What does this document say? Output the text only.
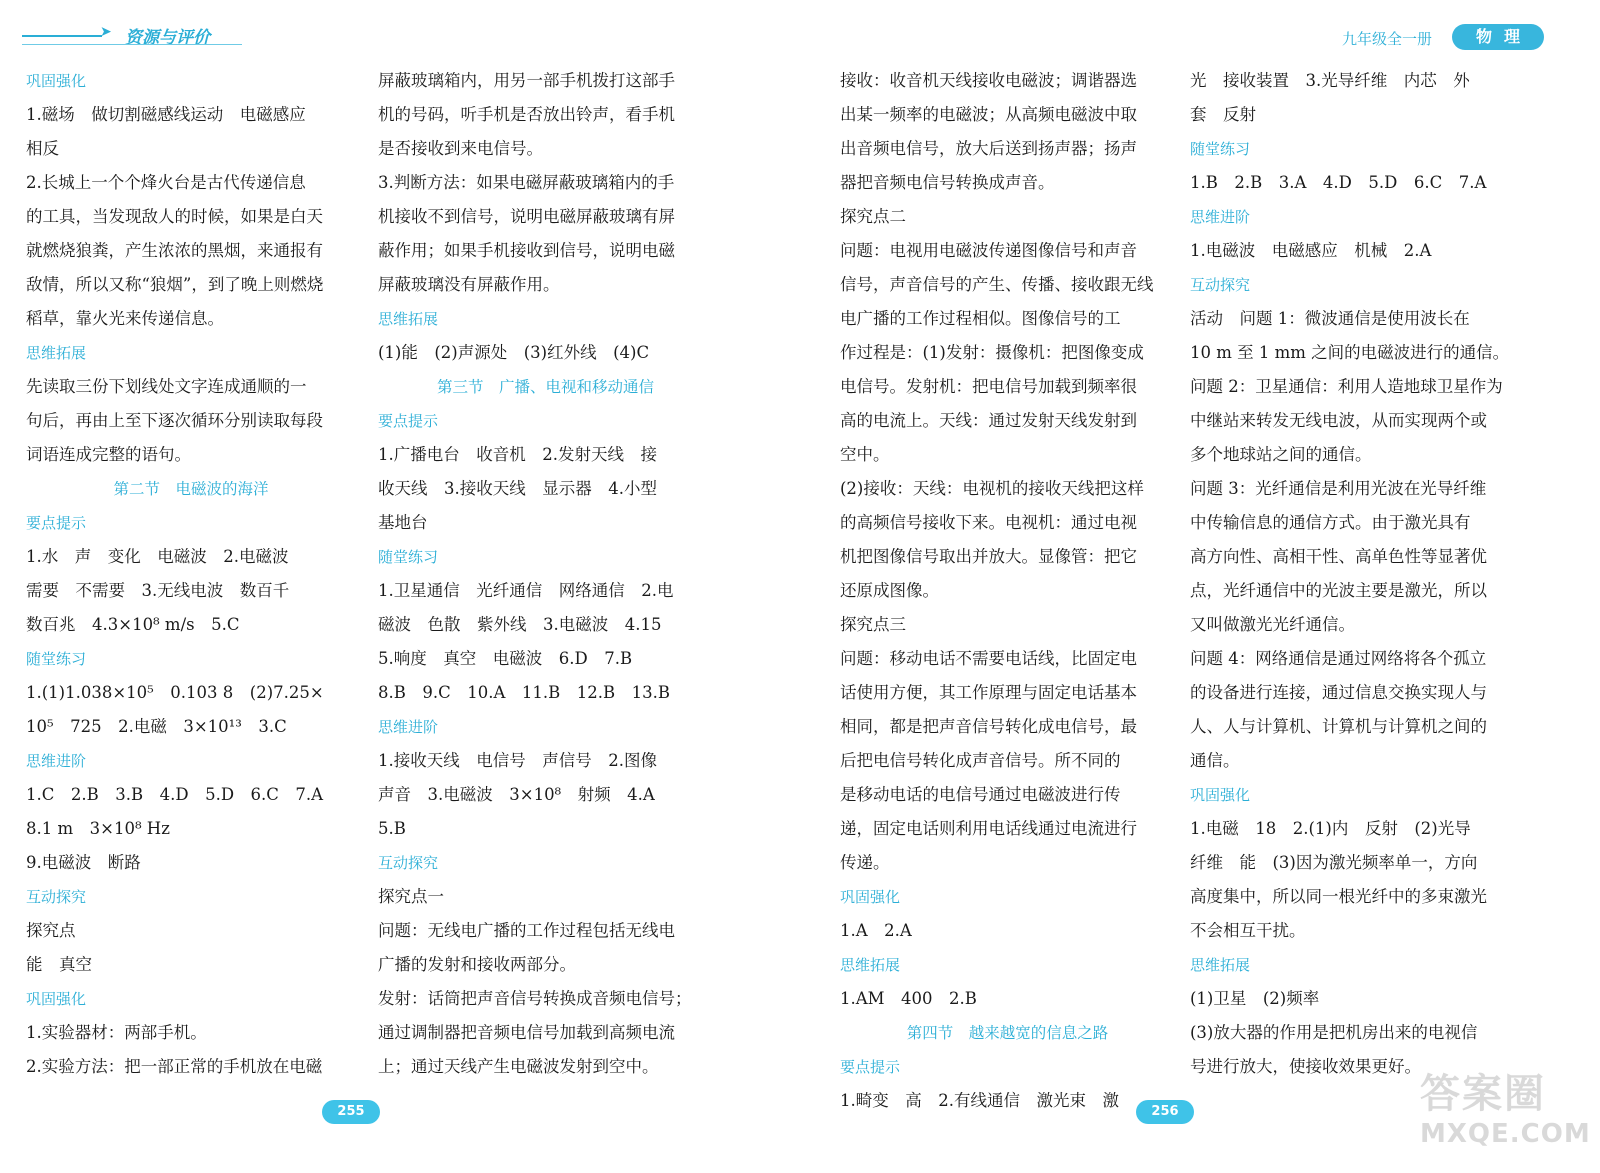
➤ 资源与评价	九年级全一册	物理

巩固强化

1.磁场　做切割磁感线运动　电磁感应

相反

2.长城上一个个烽火台是古代传递信息

的工具，当发现敌人的时候，如果是白天

就燃烧狼粪，产生浓浓的黑烟，来通报有

敌情，所以又称“狼烟”，到了晚上则燃烧

稻草，靠火光来传递信息。

思维拓展

先读取三份下划线处文字连成通顺的一

句后，再由上至下逐次循环分别读取每段

词语连成完整的语句。

第二节　电磁波的海洋

要点提示

1.水　声　变化　电磁波　2.电磁波

需要　不需要　3.无线电波　数百千

数百兆　4.3×10⁸ m/s　5.C

随堂练习

1.(1)1.038×10⁵　0.103 8　(2)7.25×

10⁵　725　2.电磁　3×10¹³　3.C

思维进阶

1.C　2.B　3.B　4.D　5.D　6.C　7.A

8.1 m　3×10⁸ Hz

9.电磁波　断路

互动探究

探究点

能　真空

巩固强化

1.实验器材：两部手机。

2.实验方法：把一部正常的手机放在电磁

屏蔽玻璃箱内，用另一部手机拨打这部手

机的号码，听手机是否放出铃声，看手机

是否接收到来电信号。

3.判断方法：如果电磁屏蔽玻璃箱内的手

机接收不到信号，说明电磁屏蔽玻璃有屏

蔽作用；如果手机接收到信号，说明电磁

屏蔽玻璃没有屏蔽作用。

思维拓展

(1)能　(2)声源处　(3)红外线　(4)C

第三节　广播、电视和移动通信

要点提示

1.广播电台　收音机　2.发射天线　接

收天线　3.接收天线　显示器　4.小型

基地台

随堂练习

1.卫星通信　光纤通信　网络通信　2.电

磁波　色散　紫外线　3.电磁波　4.15

5.响度　真空　电磁波　6.D　7.B

8.B　9.C　10.A　11.B　12.B　13.B

思维进阶

1.接收天线　电信号　声信号　2.图像

声音　3.电磁波　3×10⁸　射频　4.A

5.B

互动探究

探究点一

问题：无线电广播的工作过程包括无线电

广播的发射和接收两部分。

发射：话筒把声音信号转换成音频电信号；

通过调制器把音频电信号加载到高频电流

上；通过天线产生电磁波发射到空中。

接收：收音机天线接收电磁波；调谐器选

出某一频率的电磁波；从高频电磁波中取

出音频电信号，放大后送到扬声器；扬声

器把音频电信号转换成声音。

探究点二

问题：电视用电磁波传递图像信号和声音

信号，声音信号的产生、传播、接收跟无线

电广播的工作过程相似。图像信号的工

作过程是：(1)发射：摄像机：把图像变成

电信号。发射机：把电信号加载到频率很

高的电流上。天线：通过发射天线发射到

空中。

(2)接收：天线：电视机的接收天线把这样

的高频信号接收下来。电视机：通过电视

机把图像信号取出并放大。显像管：把它

还原成图像。

探究点三

问题：移动电话不需要电话线，比固定电

话使用方便，其工作原理与固定电话基本

相同，都是把声音信号转化成电信号，最

后把电信号转化成声音信号。所不同的

是移动电话的电信号通过电磁波进行传

递，固定电话则利用电话线通过电流进行

传递。

巩固强化

1.A　2.A

思维拓展

1.AM　400　2.B

第四节　越来越宽的信息之路

要点提示

1.畸变　高　2.有线通信　激光束　激

光　接收装置　3.光导纤维　内芯　外

套　反射

随堂练习

1.B　2.B　3.A　4.D　5.D　6.C　7.A

思维进阶

1.电磁波　电磁感应　机械　2.A

互动探究

活动　问题 1：微波通信是使用波长在

10 m 至 1 mm 之间的电磁波进行的通信。

问题 2：卫星通信：利用人造地球卫星作为

中继站来转发无线电波，从而实现两个或

多个地球站之间的通信。

问题 3：光纤通信是利用光波在光导纤维

中传输信息的通信方式。由于激光具有

高方向性、高相干性、高单色性等显著优

点，光纤通信中的光波主要是激光，所以

又叫做激光光纤通信。

问题 4：网络通信是通过网络将各个孤立

的设备进行连接，通过信息交换实现人与

人、人与计算机、计算机与计算机之间的

通信。

巩固强化

1.电磁　18　2.(1)内　反射　(2)光导

纤维　能　(3)因为激光频率单一，方向

高度集中，所以同一根光纤中的多束激光

不会相互干扰。

思维拓展

(1)卫星　(2)频率

(3)放大器的作用是把机房出来的电视信

号进行放大，使接收效果更好。

255	256	答案圈
MXQE.COM
